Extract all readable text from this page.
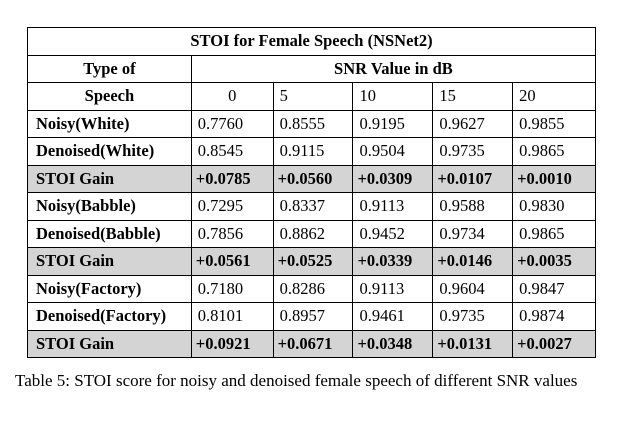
STOI for Female Speech (NSNet2)					
Type of	SNR Value in dB				
Speech	0	5	10	15	20
Noisy(White)	0.7760	0.8555	0.9195	0.9627	0.9855
Denoised(White)	0.8545	0.9115	0.9504	0.9735	0.9865
STOI Gain	+0.0785	+0.0560	+0.0309	+0.0107	+0.0010
Noisy(Babble)	0.7295	0.8337	0.9113	0.9588	0.9830
Denoised(Babble)	0.7856	0.8862	0.9452	0.9734	0.9865
STOI Gain	+0.0561	+0.0525	+0.0339	+0.0146	+0.0035
Noisy(Factory)	0.7180	0.8286	0.9113	0.9604	0.9847
Denoised(Factory)	0.8101	0.8957	0.9461	0.9735	0.9874
STOI Gain	+0.0921	+0.0671	+0.0348	+0.0131	+0.0027
Table 5: STOI score for noisy and denoised female speech of different SNR values
